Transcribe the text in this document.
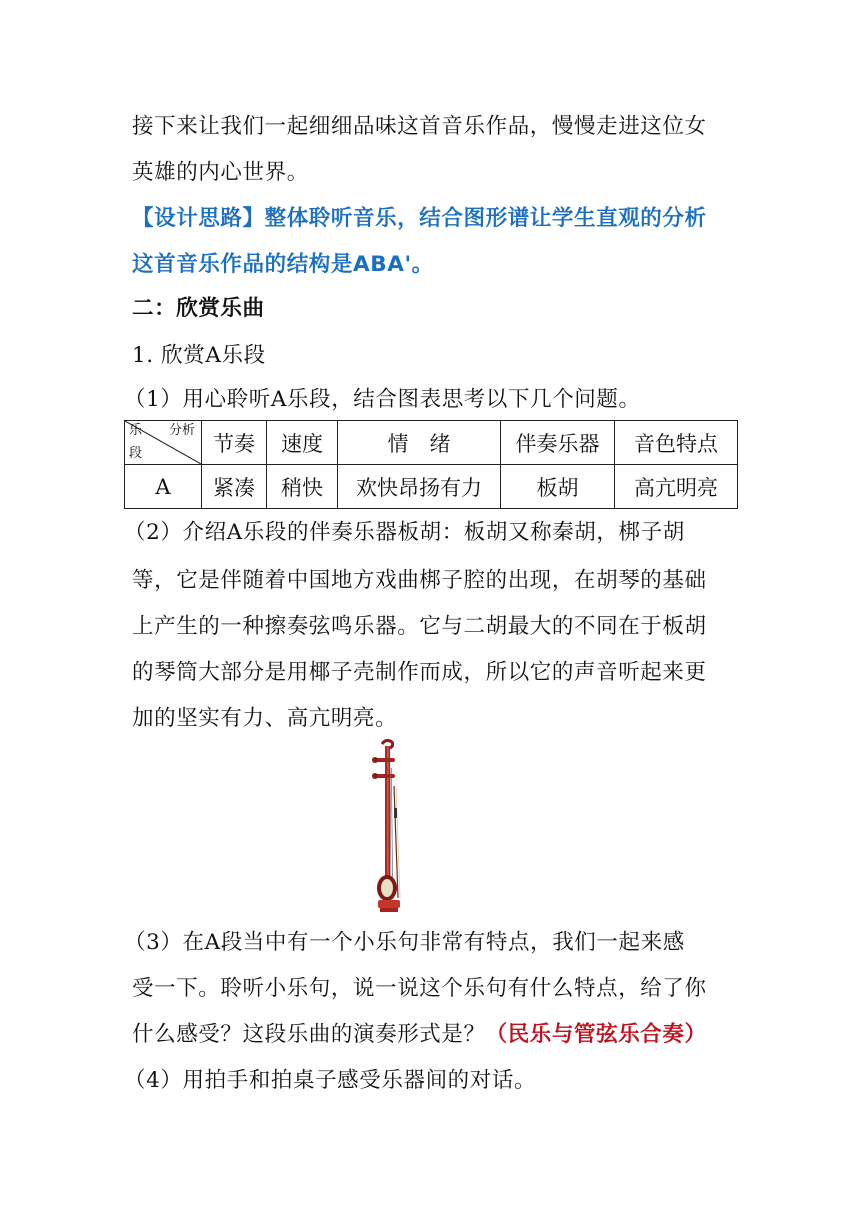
接下来让我们一起细细品味这首音乐作品，慢慢走进这位女
英雄的内心世界。
【设计思路】整体聆听音乐，结合图形谱让学生直观的分析
这首音乐作品的结构是ABA'。
二：欣赏乐曲
1. 欣赏A乐段
（1）用心聆听A乐段，结合图表思考以下几个问题。
乐 分析
段	节奏	速度	情　绪	伴奏乐器	音色特点
A	紧凑	稍快	欢快昂扬有力	板胡	高亢明亮
（2）介绍A乐段的伴奏乐器板胡：板胡又称秦胡，梆子胡
等，它是伴随着中国地方戏曲梆子腔的出现，在胡琴的基础
上产生的一种擦奏弦鸣乐器。它与二胡最大的不同在于板胡
的琴筒大部分是用椰子壳制作而成，所以它的声音听起来更
加的坚实有力、高亢明亮。
（3）在A段当中有一个小乐句非常有特点，我们一起来感
受一下。聆听小乐句，说一说这个乐句有什么特点，给了你
什么感受？这段乐曲的演奏形式是？（民乐与管弦乐合奏）
（4）用拍手和拍桌子感受乐器间的对话。
